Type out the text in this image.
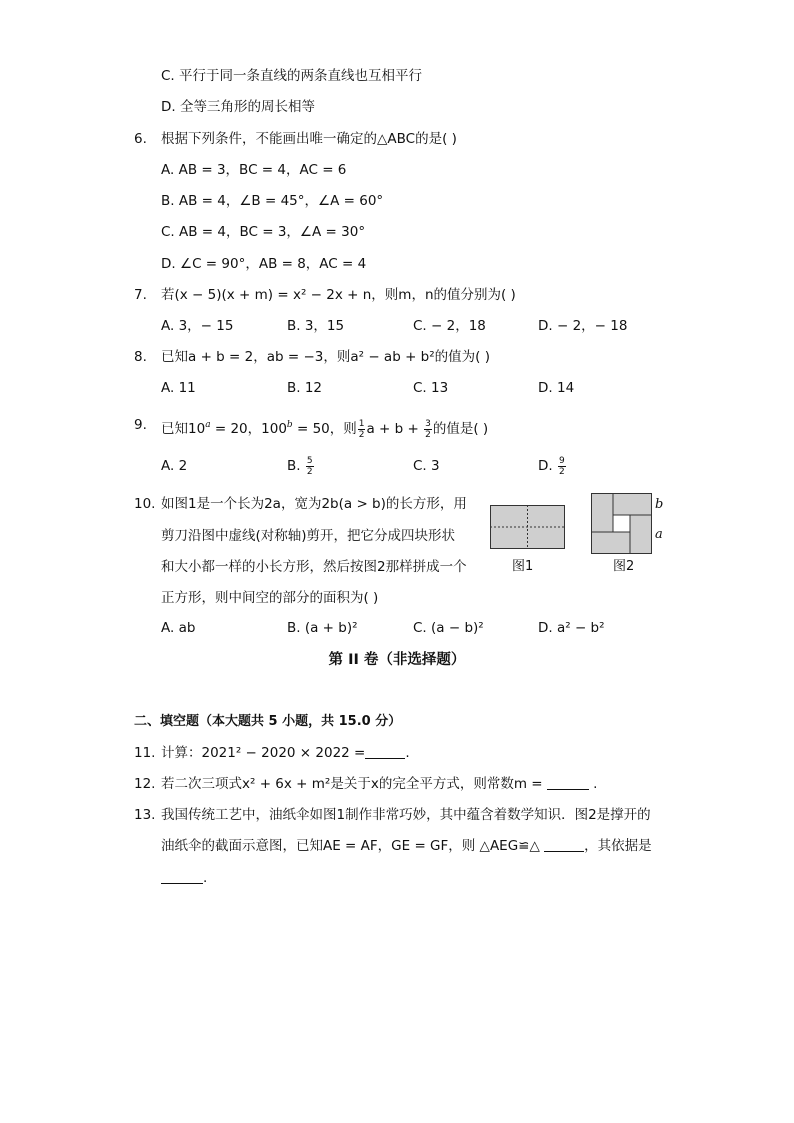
C. 平行于同一条直线的两条直线也互相平行
D. 全等三角形的周长相等
6. 根据下列条件，不能画出唯一确定的△ABC的是( )
A. AB = 3，BC = 4，AC = 6
B. AB = 4，∠B = 45°，∠A = 60°
C. AB = 4，BC = 3，∠A = 30°
D. ∠C = 90°，AB = 8，AC = 4
7. 若(x − 5)(x + m) = x² − 2x + n，则m，n的值分别为( )
A. 3，− 15	B. 3，15	C. − 2，18	D. − 2，− 18
8. 已知a + b = 2，ab = −3，则a² − ab + b²的值为( )
A. 11	B. 12	C. 13	D. 14
9. 已知$10^a = 20$，$100^b = 50$，则 $\frac{1}{2}$ $a + b + \frac{3}{2}$ 的值是( )
A. 2	B. $\frac{5}{2}$	C. 3	D. $\frac{9}{2}$
10. 如图1是一个长为2a，宽为2b(a > b)的长方形，用
剪刀沿图中虚线(对称轴)剪开，把它分成四块形状
和大小都一样的小长方形，然后按图2那样拼成一个
正方形，则中间空的部分的面积为( )
图1
b
a
图2
A. ab	B. (a + b)²	C. (a − b)²	D. a² − b²
第 II 卷（非选择题）
二、填空题（本大题共 5 小题，共 15.0 分）
11. 计算：2021² − 2020 × 2022 =	.
12. 若二次三项式x² + 6x + m²是关于x的完全平方式，则常数m =	.
13. 我国传统工艺中，油纸伞如图1制作非常巧妙，其中蕴含着数学知识．图2是撑开的
油纸伞的截面示意图，已知AE = AF，GE = GF，则 △AEG≌△	，其依据是
.
